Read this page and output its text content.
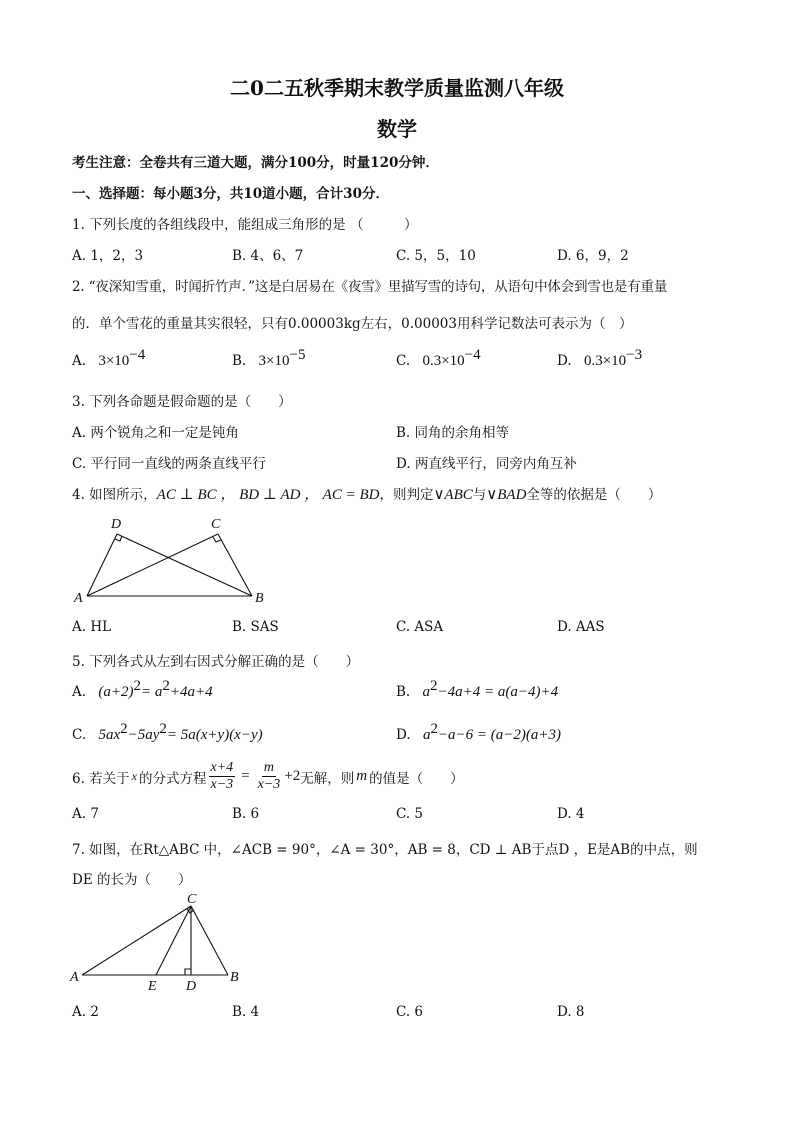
二0二五秋季期末教学质量监测八年级
数学
考生注意：全卷共有三道大题，满分100分，时量120分钟．
一、选择题：每小题3分，共10道小题，合计30分．
1. 下列长度的各组线段中，能组成三角形的是 （　　　）
A. 1，2，3	B. 4、6、7	C. 5，5，10	D. 6，9，2
2. “夜深知雪重，时闻折竹声．”这是白居易在《夜雪》里描写雪的诗句，从语句中体会到雪也是有重量
的．单个雪花的重量其实很轻，只有0.00003kg左右，0.00003用科学记数法可表示为（　）
A. $3\times 10^{-4}$	B. $3\times 10^{-5}$	C. $0.3\times 10^{-4}$	D. $0.3\times 10^{-3}$
3. 下列各命题是假命题的是（　　）
A. 两个锐角之和一定是钝角	B. 同角的余角相等
C. 平行同一直线的两条直线平行	D. 两直线平行，同旁内角互补
4. 如图所示，AC ⊥ BC ， BD ⊥ AD ， AC = BD，则判定∨ABC与∨BAD全等的依据是（　　）
A	B
C
D
A. HL	B. SAS	C. ASA	D. AAS
5. 下列各式从左到右因式分解正确的是（　　）
A. $(a+2)^2= a^2+4a+4$	B. $a^2-4a+4 = a(a-4)+4$
C. $5ax^2-5ay^2= 5a(x+y)(x-y)$	D. $a^2-a-6 = (a-2)(a+3)$
6. 若关于 x 的分式方程 $\frac{x+4}{x-3} = \frac{m}{x-3} +2$ 无解，则 m 的值是（　　）
A. 7	B. 6	C. 5	D. 4
7. 如图，在Rt△ABC 中，∠ACB = 90°，∠A = 30°，AB = 8，CD ⊥ AB于点D ，E是AB的中点，则
DE 的长为（　　）
A	B
C
D
E
A. 2	B. 4	C. 6	D. 8
